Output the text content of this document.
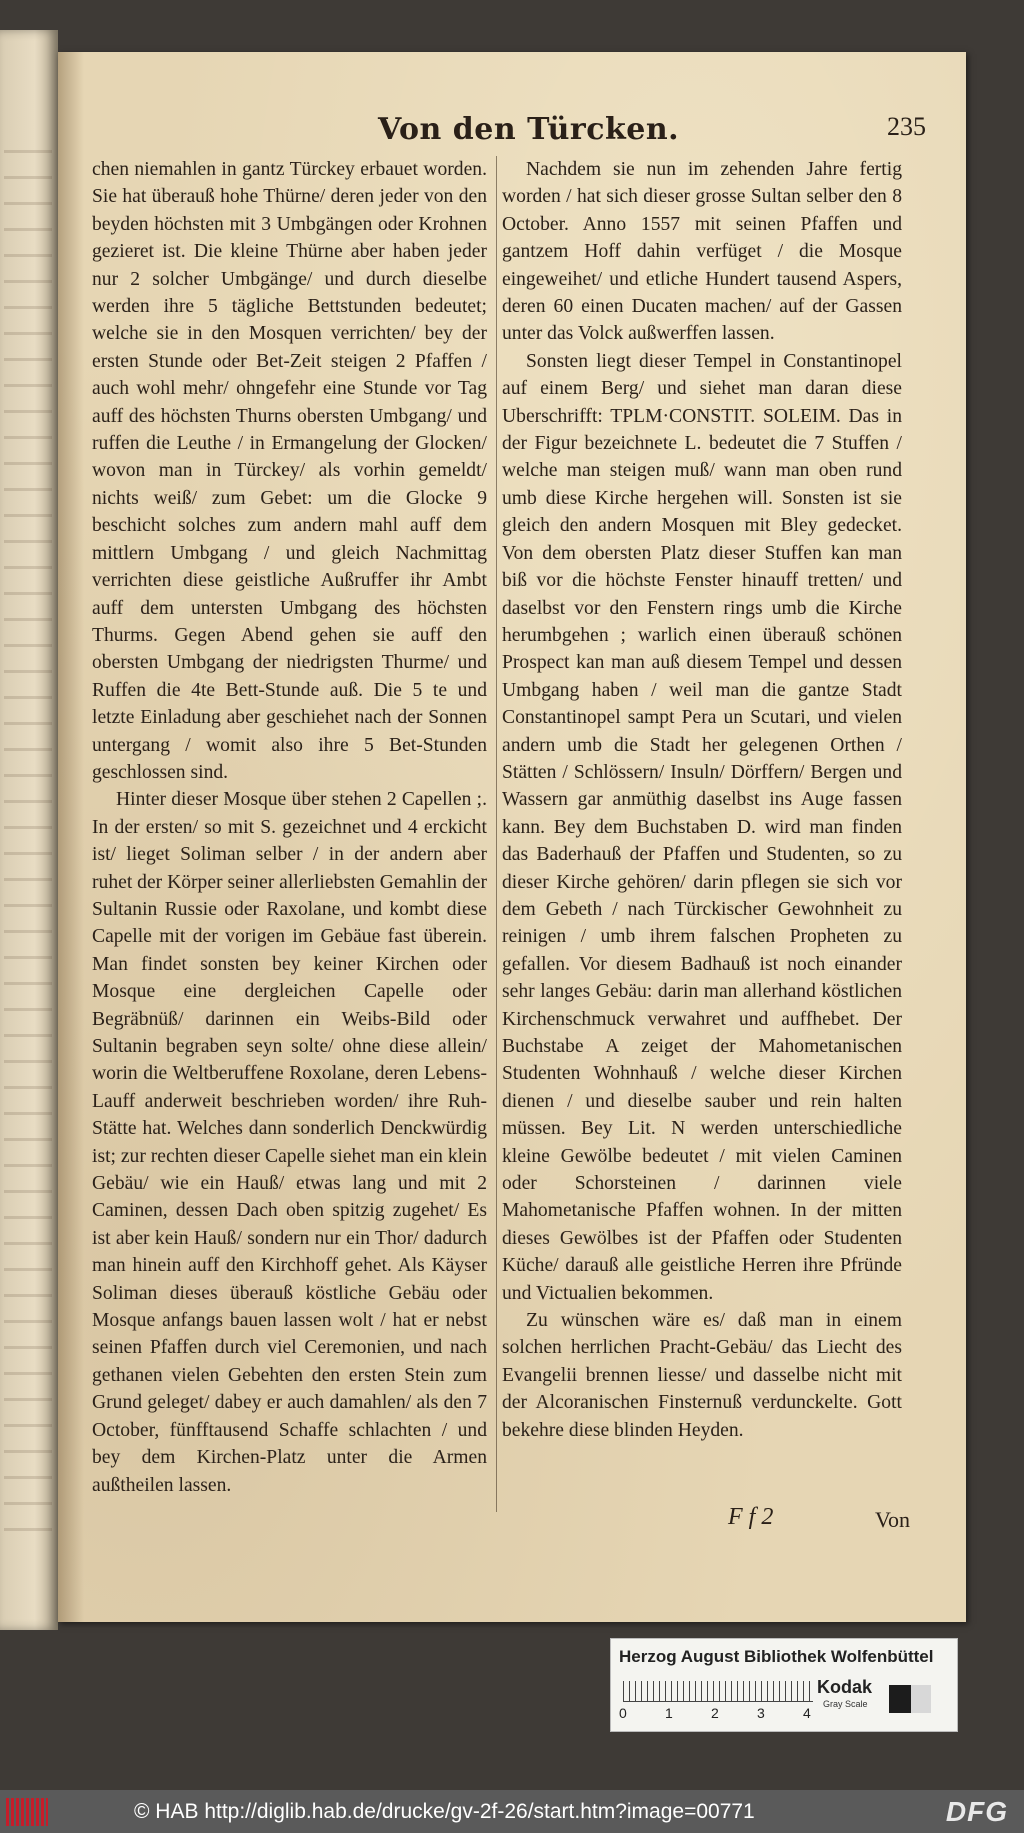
Von den Türcken.	235

chen niemahlen in gantz Türckey erbauet worden. Sie hat überauß hohe Thürne/ deren jeder von den beyden höchsten mit 3 Umbgängen oder Krohnen gezieret ist. Die kleine Thürne aber haben jeder nur 2 solcher Umbgänge/ und durch dieselbe werden ihre 5 tägliche Bettstunden bedeutet; welche sie in den Mosquen verrichten/ bey der ersten Stunde oder Bet-Zeit steigen 2 Pfaffen / auch wohl mehr/ ohngefehr eine Stunde vor Tag auff des höchsten Thurns obersten Umbgang/ und ruffen die Leuthe / in Ermangelung der Glocken/ wovon man in Türckey/ als vorhin gemeldt/ nichts weiß/ zum Gebet: um die Glocke 9 beschicht solches zum andern mahl auff dem mittlern Umbgang / und gleich Nachmittag verrichten diese geistliche Außruffer ihr Ambt auff dem untersten Umbgang des höchsten Thurms. Gegen Abend gehen sie auff den obersten Umbgang der niedrigsten Thurme/ und Ruffen die 4te Bett-Stunde auß. Die 5 te und letzte Einladung aber geschiehet nach der Sonnen untergang / womit also ihre 5 Bet-Stunden geschlossen sind.

Hinter dieser Mosque über stehen 2 Capellen ;. In der ersten/ so mit S. gezeichnet und 4 erckicht ist/ lieget Soliman selber / in der andern aber ruhet der Körper seiner allerliebsten Gemahlin der Sultanin Russie oder Raxolane, und kombt diese Capelle mit der vorigen im Gebäue fast überein. Man findet sonsten bey keiner Kirchen oder Mosque eine dergleichen Capelle oder Begräbnüß/ darinnen ein Weibs-Bild oder Sultanin begraben seyn solte/ ohne diese allein/ worin die Weltberuffene Roxolane, deren Lebens-Lauff anderweit beschrieben worden/ ihre Ruh-Stätte hat. Welches dann sonderlich Denckwürdig ist; zur rechten dieser Capelle siehet man ein klein Gebäu/ wie ein Hauß/ etwas lang und mit 2 Caminen, dessen Dach oben spitzig zugehet/ Es ist aber kein Hauß/ sondern nur ein Thor/ dadurch man hinein auff den Kirchhoff gehet. Als Käyser Soliman dieses überauß köstliche Gebäu oder Mosque anfangs bauen lassen wolt / hat er nebst seinen Pfaffen durch viel Ceremonien, und nach gethanen vielen Gebehten den ersten Stein zum Grund geleget/ dabey er auch damahlen/ als den 7 October, fünfftausend Schaffe schlachten / und bey dem Kirchen-Platz unter die Armen außtheilen lassen.

Nachdem sie nun im zehenden Jahre fertig worden / hat sich dieser grosse Sultan selber den 8 October. Anno 1557 mit seinen Pfaffen und gantzem Hoff dahin verfüget / die Mosque eingeweihet/ und etliche Hundert tausend Aspers, deren 60 einen Ducaten machen/ auf der Gassen unter das Volck außwerffen lassen.

Sonsten liegt dieser Tempel in Constantinopel auf einem Berg/ und siehet man daran diese Uberschrifft: TPLM·CONSTIT. SOLEIM. Das in der Figur bezeichnete L. bedeutet die 7 Stuffen / welche man steigen muß/ wann man oben rund umb diese Kirche hergehen will. Sonsten ist sie gleich den andern Mosquen mit Bley gedecket. Von dem obersten Platz dieser Stuffen kan man biß vor die höchste Fenster hinauff tretten/ und daselbst vor den Fenstern rings umb die Kirche herumbgehen ; warlich einen überauß schönen Prospect kan man auß diesem Tempel und dessen Umbgang haben / weil man die gantze Stadt Constantinopel sampt Pera un Scutari, und vielen andern umb die Stadt her gelegenen Orthen / Stätten / Schlössern/ Insuln/ Dörffern/ Bergen und Wassern gar anmüthig daselbst ins Auge fassen kann. Bey dem Buchstaben D. wird man finden das Baderhauß der Pfaffen und Studenten, so zu dieser Kirche gehören/ darin pflegen sie sich vor dem Gebeth / nach Türckischer Gewohnheit zu reinigen / umb ihrem falschen Propheten zu gefallen. Vor diesem Badhauß ist noch einander sehr langes Gebäu: darin man allerhand köstlichen Kirchenschmuck verwahret und auffhebet. Der Buchstabe A zeiget der Mahometanischen Studenten Wohnhauß / welche dieser Kirchen dienen / und dieselbe sauber und rein halten müssen. Bey Lit. N werden unterschiedliche kleine Gewölbe bedeutet / mit vielen Caminen oder Schorsteinen / darinnen viele Mahometanische Pfaffen wohnen. In der mitten dieses Gewölbes ist der Pfaffen oder Studenten Küche/ darauß alle geistliche Herren ihre Pfründe und Victualien bekommen.

Zu wünschen wäre es/ daß man in einem solchen herrlichen Pracht-Gebäu/ das Liecht des Evangelii brennen liesse/ und dasselbe nicht mit der Alcoranischen Finsternuß verdunckelte. Gott bekehre diese blinden Heyden.

F f 2	Von
Herzog August Bibliothek Wolfenbüttel
0	1	2	3	4
Kodak
Gray Scale
© HAB http://diglib.hab.de/drucke/gv-2f-26/start.htm?image=00771	DFG
